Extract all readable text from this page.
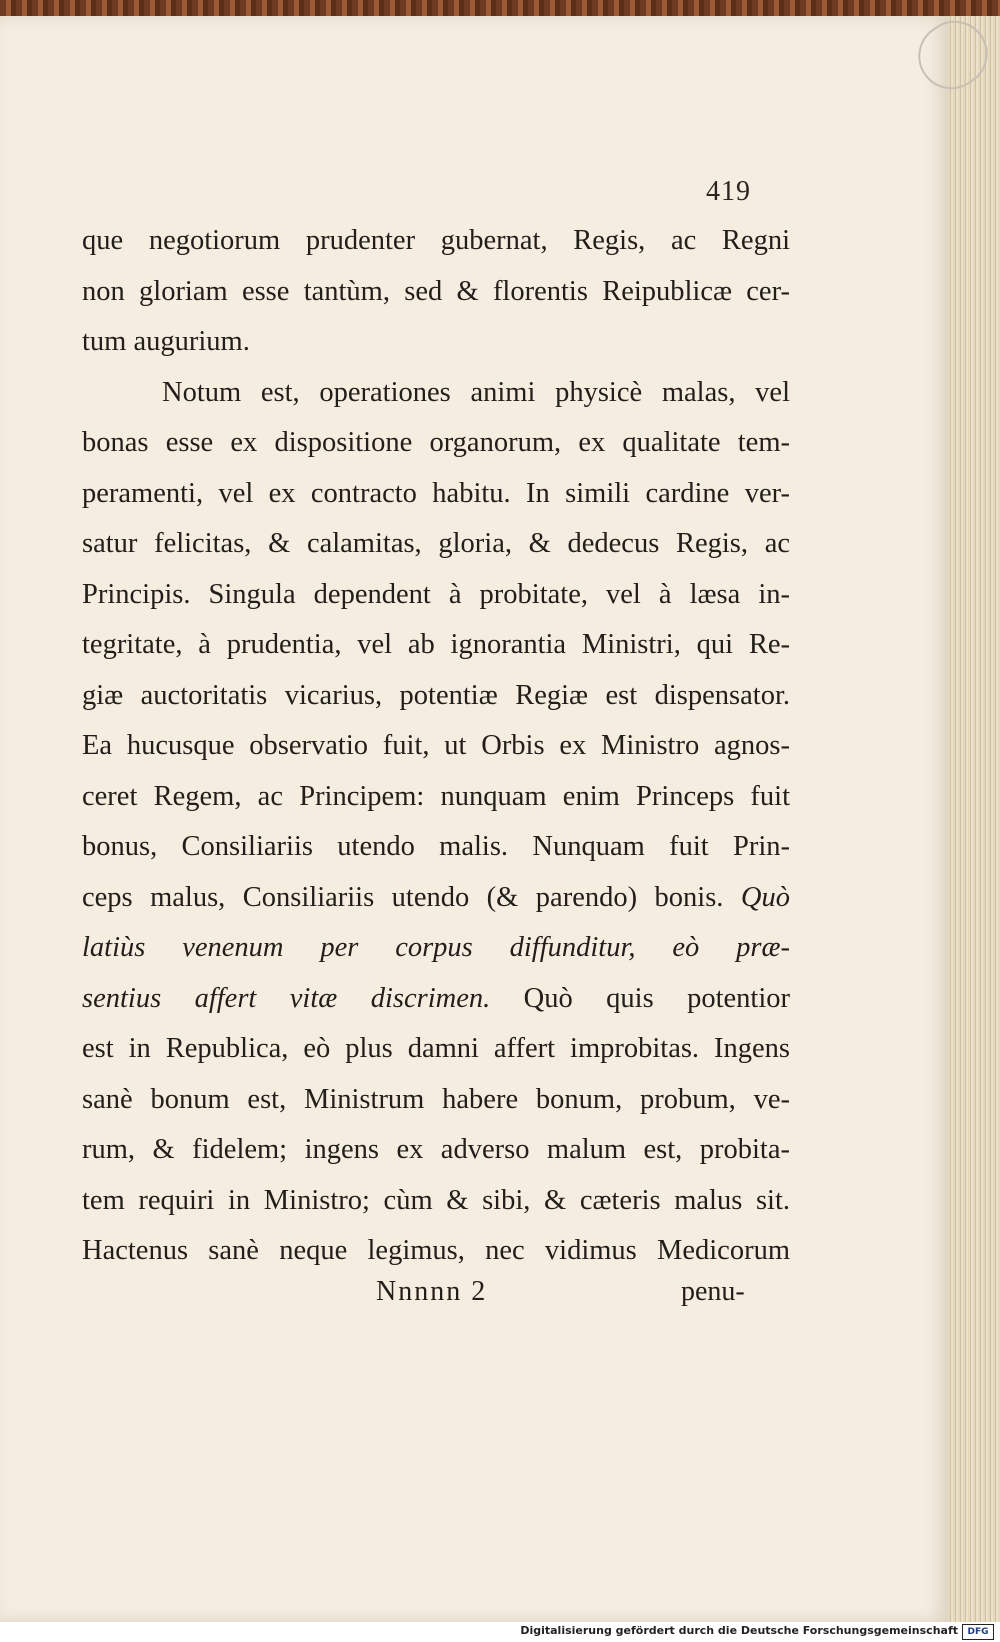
419
que negotiorum prudenter gubernat, Regis, ac Regni
non gloriam esse tantùm, sed & florentis Reipublicæ cer-
tum augurium.
Notum est, operationes animi physicè malas, vel
bonas esse ex dispositione organorum, ex qualitate tem-
peramenti, vel ex contracto habitu. In simili cardine ver-
satur felicitas, & calamitas, gloria, & dedecus Regis, ac
Principis. Singula dependent à probitate, vel à læsa in-
tegritate, à prudentia, vel ab ignorantia Ministri, qui Re-
giæ auctoritatis vicarius, potentiæ Regiæ est dispensator.
Ea hucusque observatio fuit, ut Orbis ex Ministro agnos-
ceret Regem, ac Principem: nunquam enim Princeps fuit
bonus, Consiliariis utendo malis. Nunquam fuit Prin-
ceps malus, Consiliariis utendo (& parendo) bonis. Quò
latiùs venenum per corpus diffunditur, eò præ-
sentius affert vitæ discrimen. Quò quis potentior
est in Republica, eò plus damni affert improbitas. Ingens
sanè bonum est, Ministrum habere bonum, probum, ve-
rum, & fidelem; ingens ex adverso malum est, probita-
tem requiri in Ministro; cùm & sibi, & cæteris malus sit.
Hactenus sanè neque legimus, nec vidimus Medicorum
Nnnnn 2	penu-
Digitalisierung gefördert durch die Deutsche Forschungsgemeinschaft	DFG
